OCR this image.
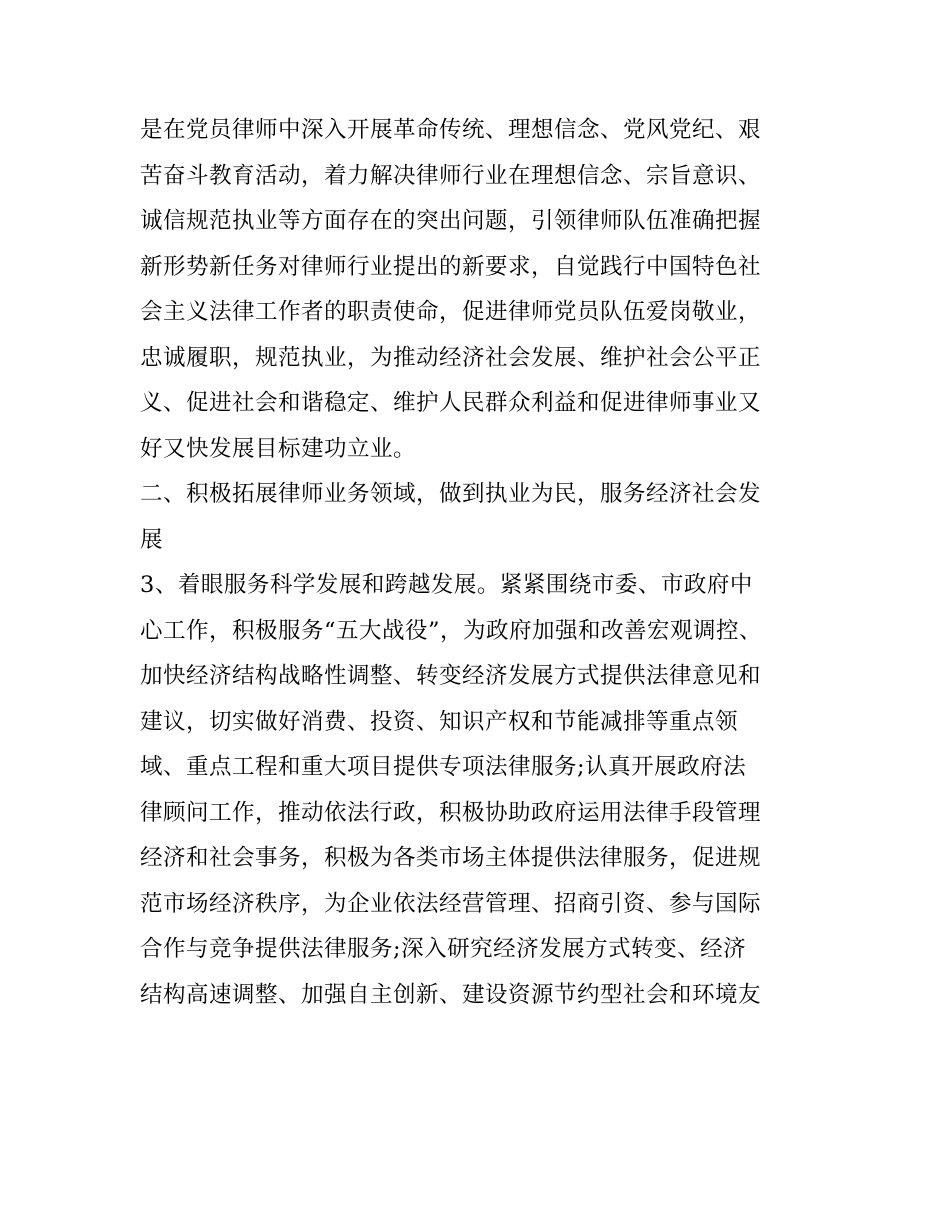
是在党员律师中深入开展革命传统、理想信念、党风党纪、艰
苦奋斗教育活动，着力解决律师行业在理想信念、宗旨意识、
诚信规范执业等方面存在的突出问题，引领律师队伍准确把握
新形势新任务对律师行业提出的新要求，自觉践行中国特色社
会主义法律工作者的职责使命，促进律师党员队伍爱岗敬业，
忠诚履职，规范执业，为推动经济社会发展、维护社会公平正
义、促进社会和谐稳定、维护人民群众利益和促进律师事业又
好又快发展目标建功立业。
二、积极拓展律师业务领域，做到执业为民，服务经济社会发
展
3、着眼服务科学发展和跨越发展。紧紧围绕市委、市政府中
心工作，积极服务“五大战役”，为政府加强和改善宏观调控、
加快经济结构战略性调整、转变经济发展方式提供法律意见和
建议，切实做好消费、投资、知识产权和节能减排等重点领
域、重点工程和重大项目提供专项法律服务;认真开展政府法
律顾问工作，推动依法行政，积极协助政府运用法律手段管理
经济和社会事务，积极为各类市场主体提供法律服务，促进规
范市场经济秩序，为企业依法经营管理、招商引资、参与国际
合作与竞争提供法律服务;深入研究经济发展方式转变、经济
结构高速调整、加强自主创新、建设资源节约型社会和环境友
